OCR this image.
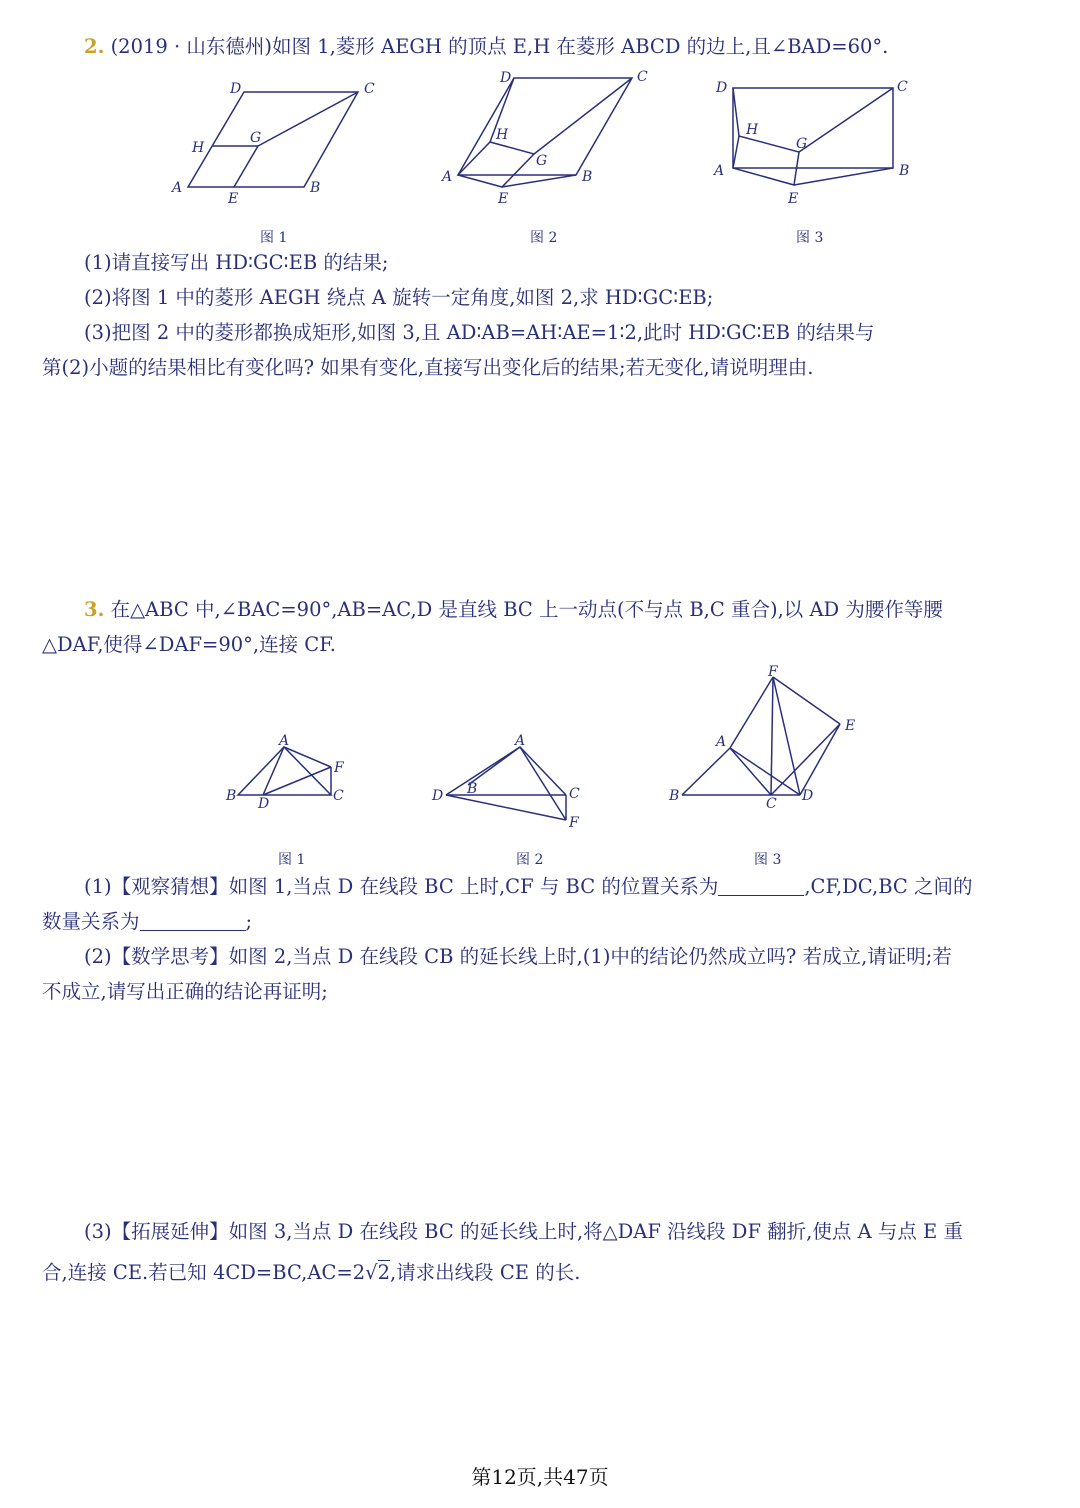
2. (2019 · 山东德州)如图 1,菱形 AEGH 的顶点 E,H 在菱形 ABCD 的边上,且∠BAD=60°.
D	C
H
G
A
E
B
D	C
H
G
A
E
B
D	C
H
G
A
E
B
图 1	图 2	图 3
A
F
B D	C
A
D B	C
F
F
E
A
B	C D
图 1	图 2	图 3
(1)请直接写出 HD∶GC∶EB 的结果;
(2)将图 1 中的菱形 AEGH 绕点 A 旋转一定角度,如图 2,求 HD∶GC∶EB;
(3)把图 2 中的菱形都换成矩形,如图 3,且 AD∶AB=AH∶AE=1∶2,此时 HD∶GC∶EB 的结果与
第(2)小题的结果相比有变化吗? 如果有变化,直接写出变化后的结果;若无变化,请说明理由.
3. 在△ABC 中,∠BAC=90°,AB=AC,D 是直线 BC 上一动点(不与点 B,C 重合),以 AD 为腰作等腰
△DAF,使得∠DAF=90°,连接 CF.
(1)【观察猜想】如图 1,当点 D 在线段 BC 上时,CF 与 BC 的位置关系为	,CF,DC,BC 之间的
数量关系为	;
(2)【数学思考】如图 2,当点 D 在线段 CB 的延长线上时,(1)中的结论仍然成立吗? 若成立,请证明;若
不成立,请写出正确的结论再证明;
(3)【拓展延伸】如图 3,当点 D 在线段 BC 的延长线上时,将△DAF 沿线段 DF 翻折,使点 A 与点 E 重
合,连接 CE.若已知 4CD=BC,AC=2√2,请求出线段 CE 的长.
第12页,共47页
